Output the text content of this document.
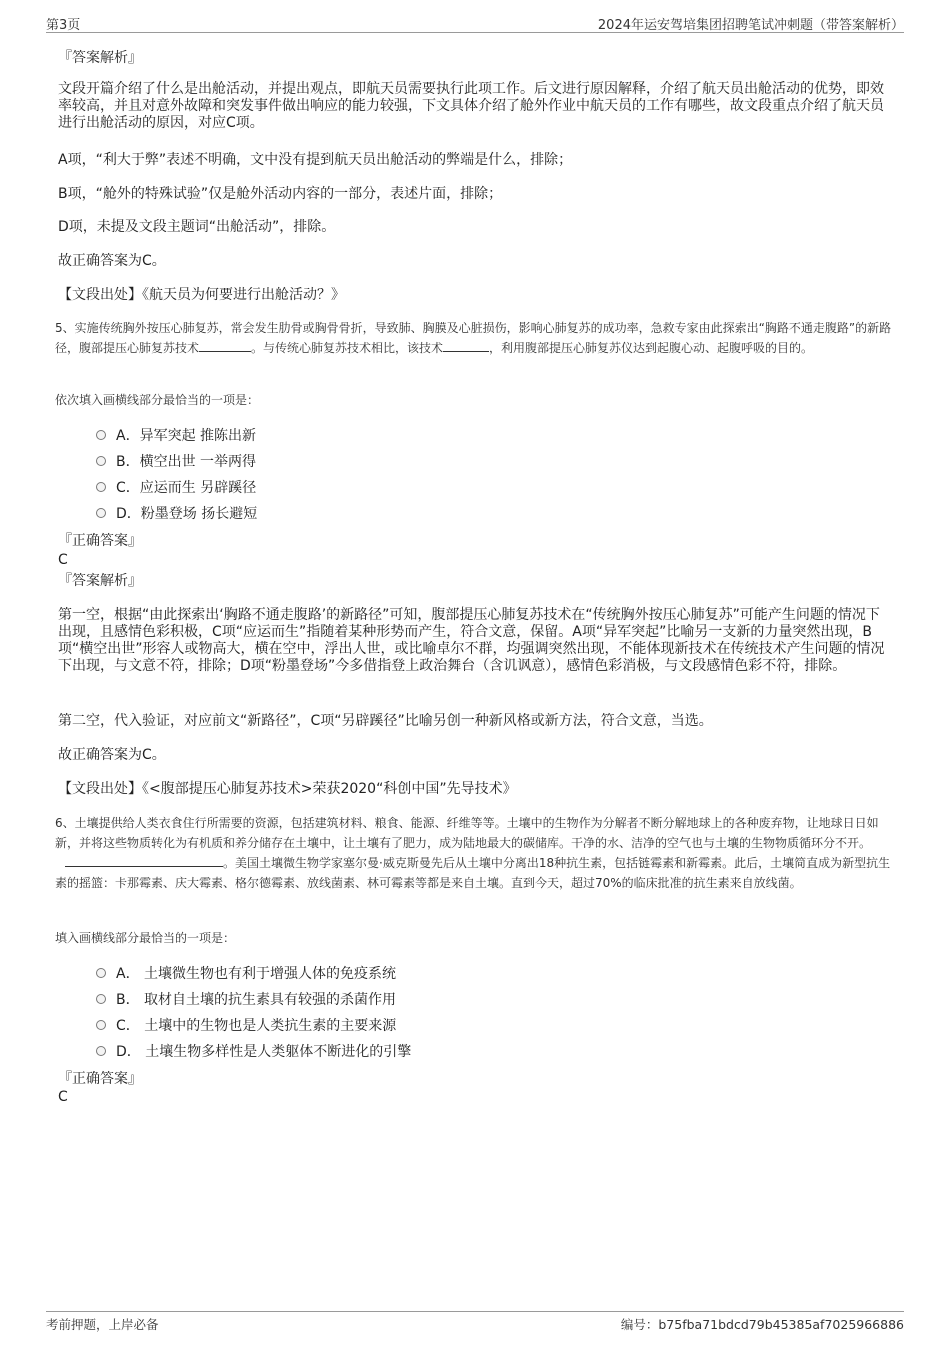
第3页	2024年运安驾培集团招聘笔试冲刺题（带答案解析）
『答案解析』
文段开篇介绍了什么是出舱活动，并提出观点，即航天员需要执行此项工作。后文进行原因解释，介绍了航天员出舱活动的优势，即效率较高，并且对意外故障和突发事件做出响应的能力较强，下文具体介绍了舱外作业中航天员的工作有哪些，故文段重点介绍了航天员进行出舱活动的原因，对应C项。
A项，“利大于弊”表述不明确，文中没有提到航天员出舱活动的弊端是什么，排除；
B项，“舱外的特殊试验”仅是舱外活动内容的一部分，表述片面，排除；
D项，未提及文段主题词“出舱活动”，排除。
故正确答案为C。
【文段出处】《航天员为何要进行出舱活动？》
5、实施传统胸外按压心肺复苏，常会发生肋骨或胸骨骨折，导致肺、胸膜及心脏损伤，影响心肺复苏的成功率，急救专家由此探索出“胸路不通走腹路”的新路径，腹部提压心肺复苏技术	。与传统心肺复苏技术相比，该技术	，利用腹部提压心肺复苏仪达到起腹心动、起腹呼吸的目的。
依次填入画横线部分最恰当的一项是：
A．异军突起 推陈出新
B．横空出世 一举两得
C．应运而生 另辟蹊径
D．粉墨登场 扬长避短
『正确答案』
C
『答案解析』
第一空，根据“由此探索出‘胸路不通走腹路’的新路径”可知，腹部提压心肺复苏技术在“传统胸外按压心肺复苏”可能产生问题的情况下出现，且感情色彩积极，C项“应运而生”指随着某种形势而产生，符合文意，保留。A项“异军突起”比喻另一支新的力量突然出现，B项“横空出世”形容人或物高大，横在空中，浮出人世，或比喻卓尔不群，均强调突然出现，不能体现新技术在传统技术产生问题的情况下出现，与文意不符，排除；D项“粉墨登场”今多借指登上政治舞台（含讥讽意），感情色彩消极，与文段感情色彩不符，排除。
第二空，代入验证，对应前文“新路径”，C项“另辟蹊径”比喻另创一种新风格或新方法，符合文意，当选。
故正确答案为C。
【文段出处】《<腹部提压心肺复苏技术>荣获2020“科创中国”先导技术》
6、土壤提供给人类衣食住行所需要的资源，包括建筑材料、粮食、能源、纤维等等。土壤中的生物作为分解者不断分解地球上的各种废弃物，让地球日日如新，并将这些物质转化为有机质和养分储存在土壤中，让土壤有了肥力，成为陆地最大的碳储库。干净的水、洁净的空气也与土壤的生物物质循环分不开。。美国土壤微生物学家塞尔曼·威克斯曼先后从土壤中分离出18种抗生素，包括链霉素和新霉素。此后，土壤简直成为新型抗生素的摇篮：卡那霉素、庆大霉素、格尔德霉素、放线菌素、林可霉素等都是来自土壤。直到今天，超过70%的临床批准的抗生素来自放线菌。
填入画横线部分最恰当的一项是：
A． 土壤微生物也有利于增强人体的免疫系统
B． 取材自土壤的抗生素具有较强的杀菌作用
C． 土壤中的生物也是人类抗生素的主要来源
D． 土壤生物多样性是人类躯体不断进化的引擎
『正确答案』
C
考前押题，上岸必备	编号：b75fba71bdcd79b45385af7025966886
